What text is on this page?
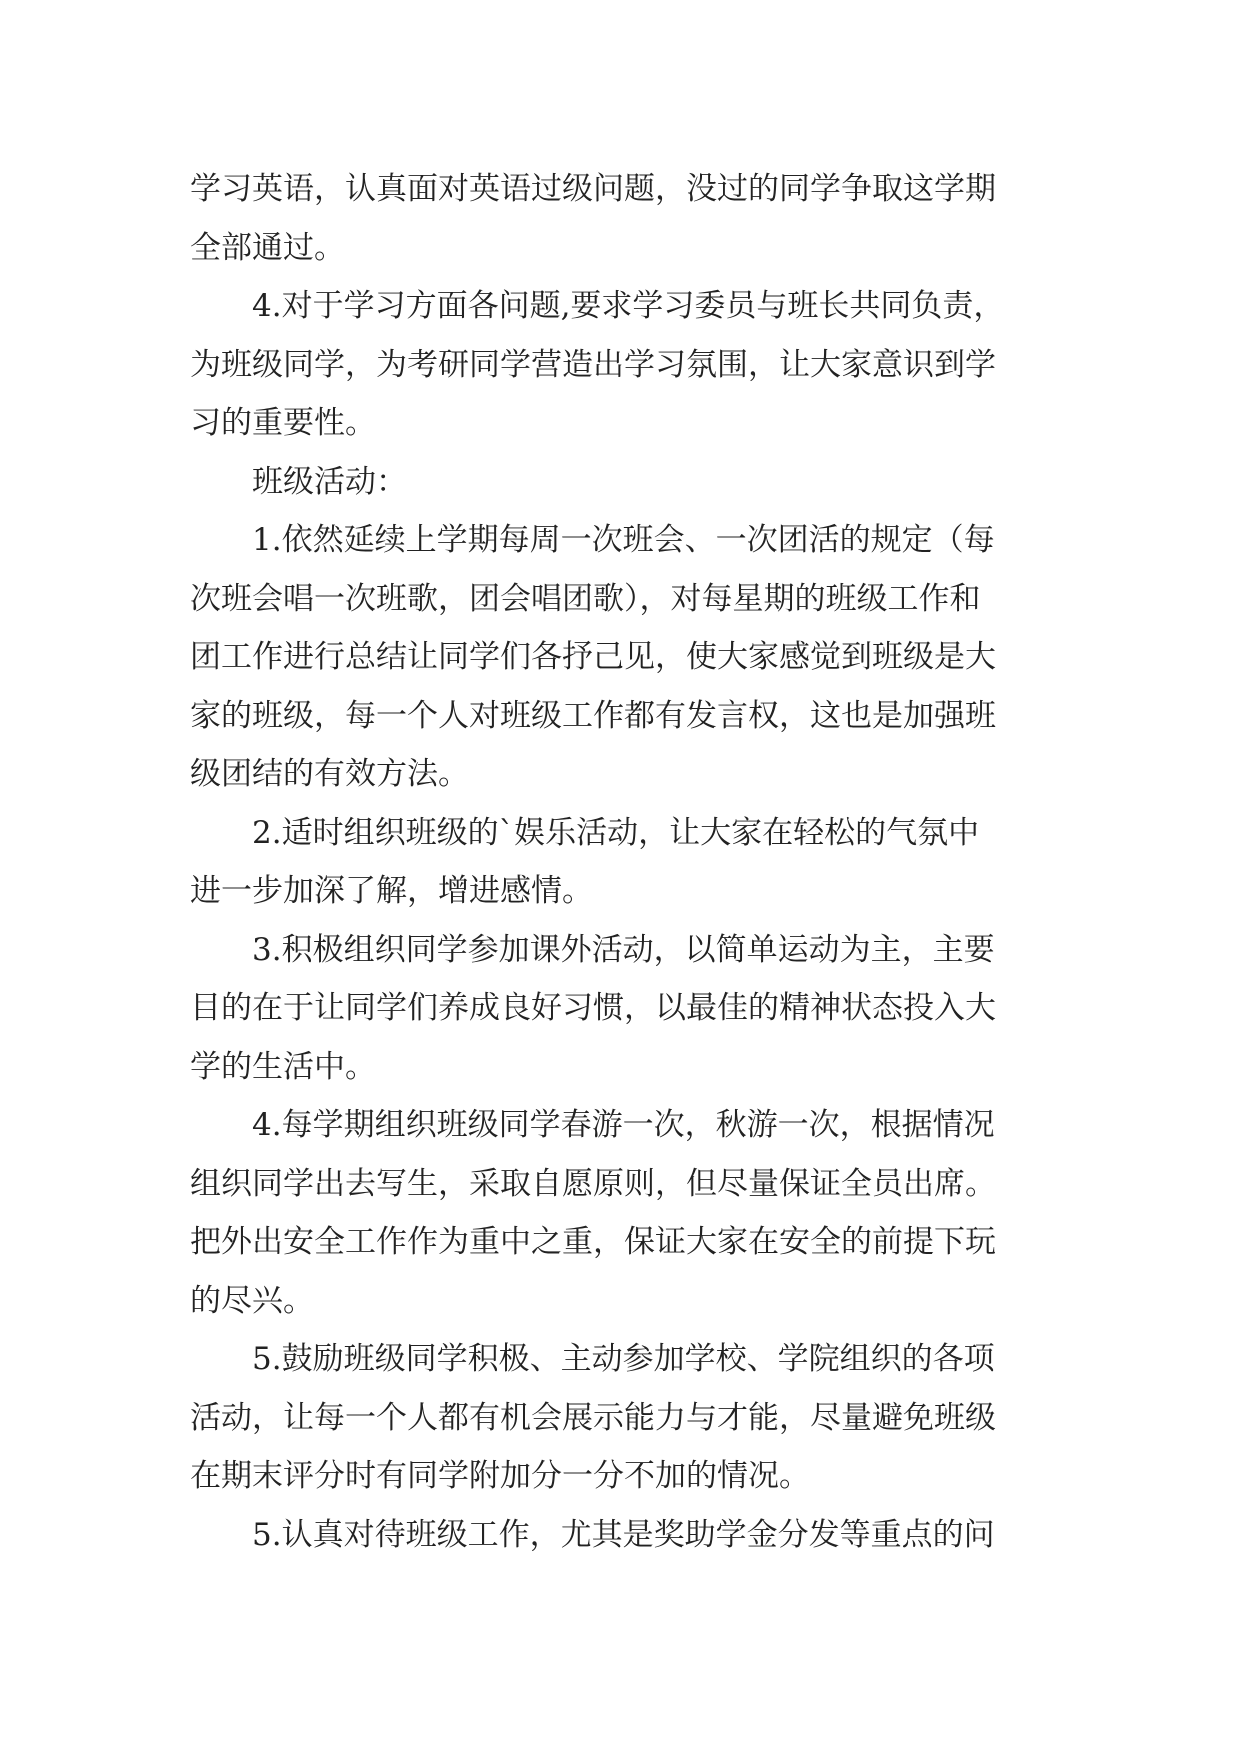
学习英语，认真面对英语过级问题，没过的同学争取这学期
全部通过。
4.对于学习方面各问题,要求学习委员与班长共同负责，
为班级同学，为考研同学营造出学习氛围，让大家意识到学
习的重要性。
班级活动：
1.依然延续上学期每周一次班会、一次团活的规定（每
次班会唱一次班歌，团会唱团歌），对每星期的班级工作和
团工作进行总结让同学们各抒己见，使大家感觉到班级是大
家的班级，每一个人对班级工作都有发言权，这也是加强班
级团结的有效方法。
2.适时组织班级的`娱乐活动，让大家在轻松的气氛中
进一步加深了解，增进感情。
3.积极组织同学参加课外活动，以简单运动为主，主要
目的在于让同学们养成良好习惯，以最佳的精神状态投入大
学的生活中。
4.每学期组织班级同学春游一次，秋游一次，根据情况
组织同学出去写生，采取自愿原则，但尽量保证全员出席。
把外出安全工作作为重中之重，保证大家在安全的前提下玩
的尽兴。
5.鼓励班级同学积极、主动参加学校、学院组织的各项
活动，让每一个人都有机会展示能力与才能，尽量避免班级
在期末评分时有同学附加分一分不加的情况。
5.认真对待班级工作，尤其是奖助学金分发等重点的问
